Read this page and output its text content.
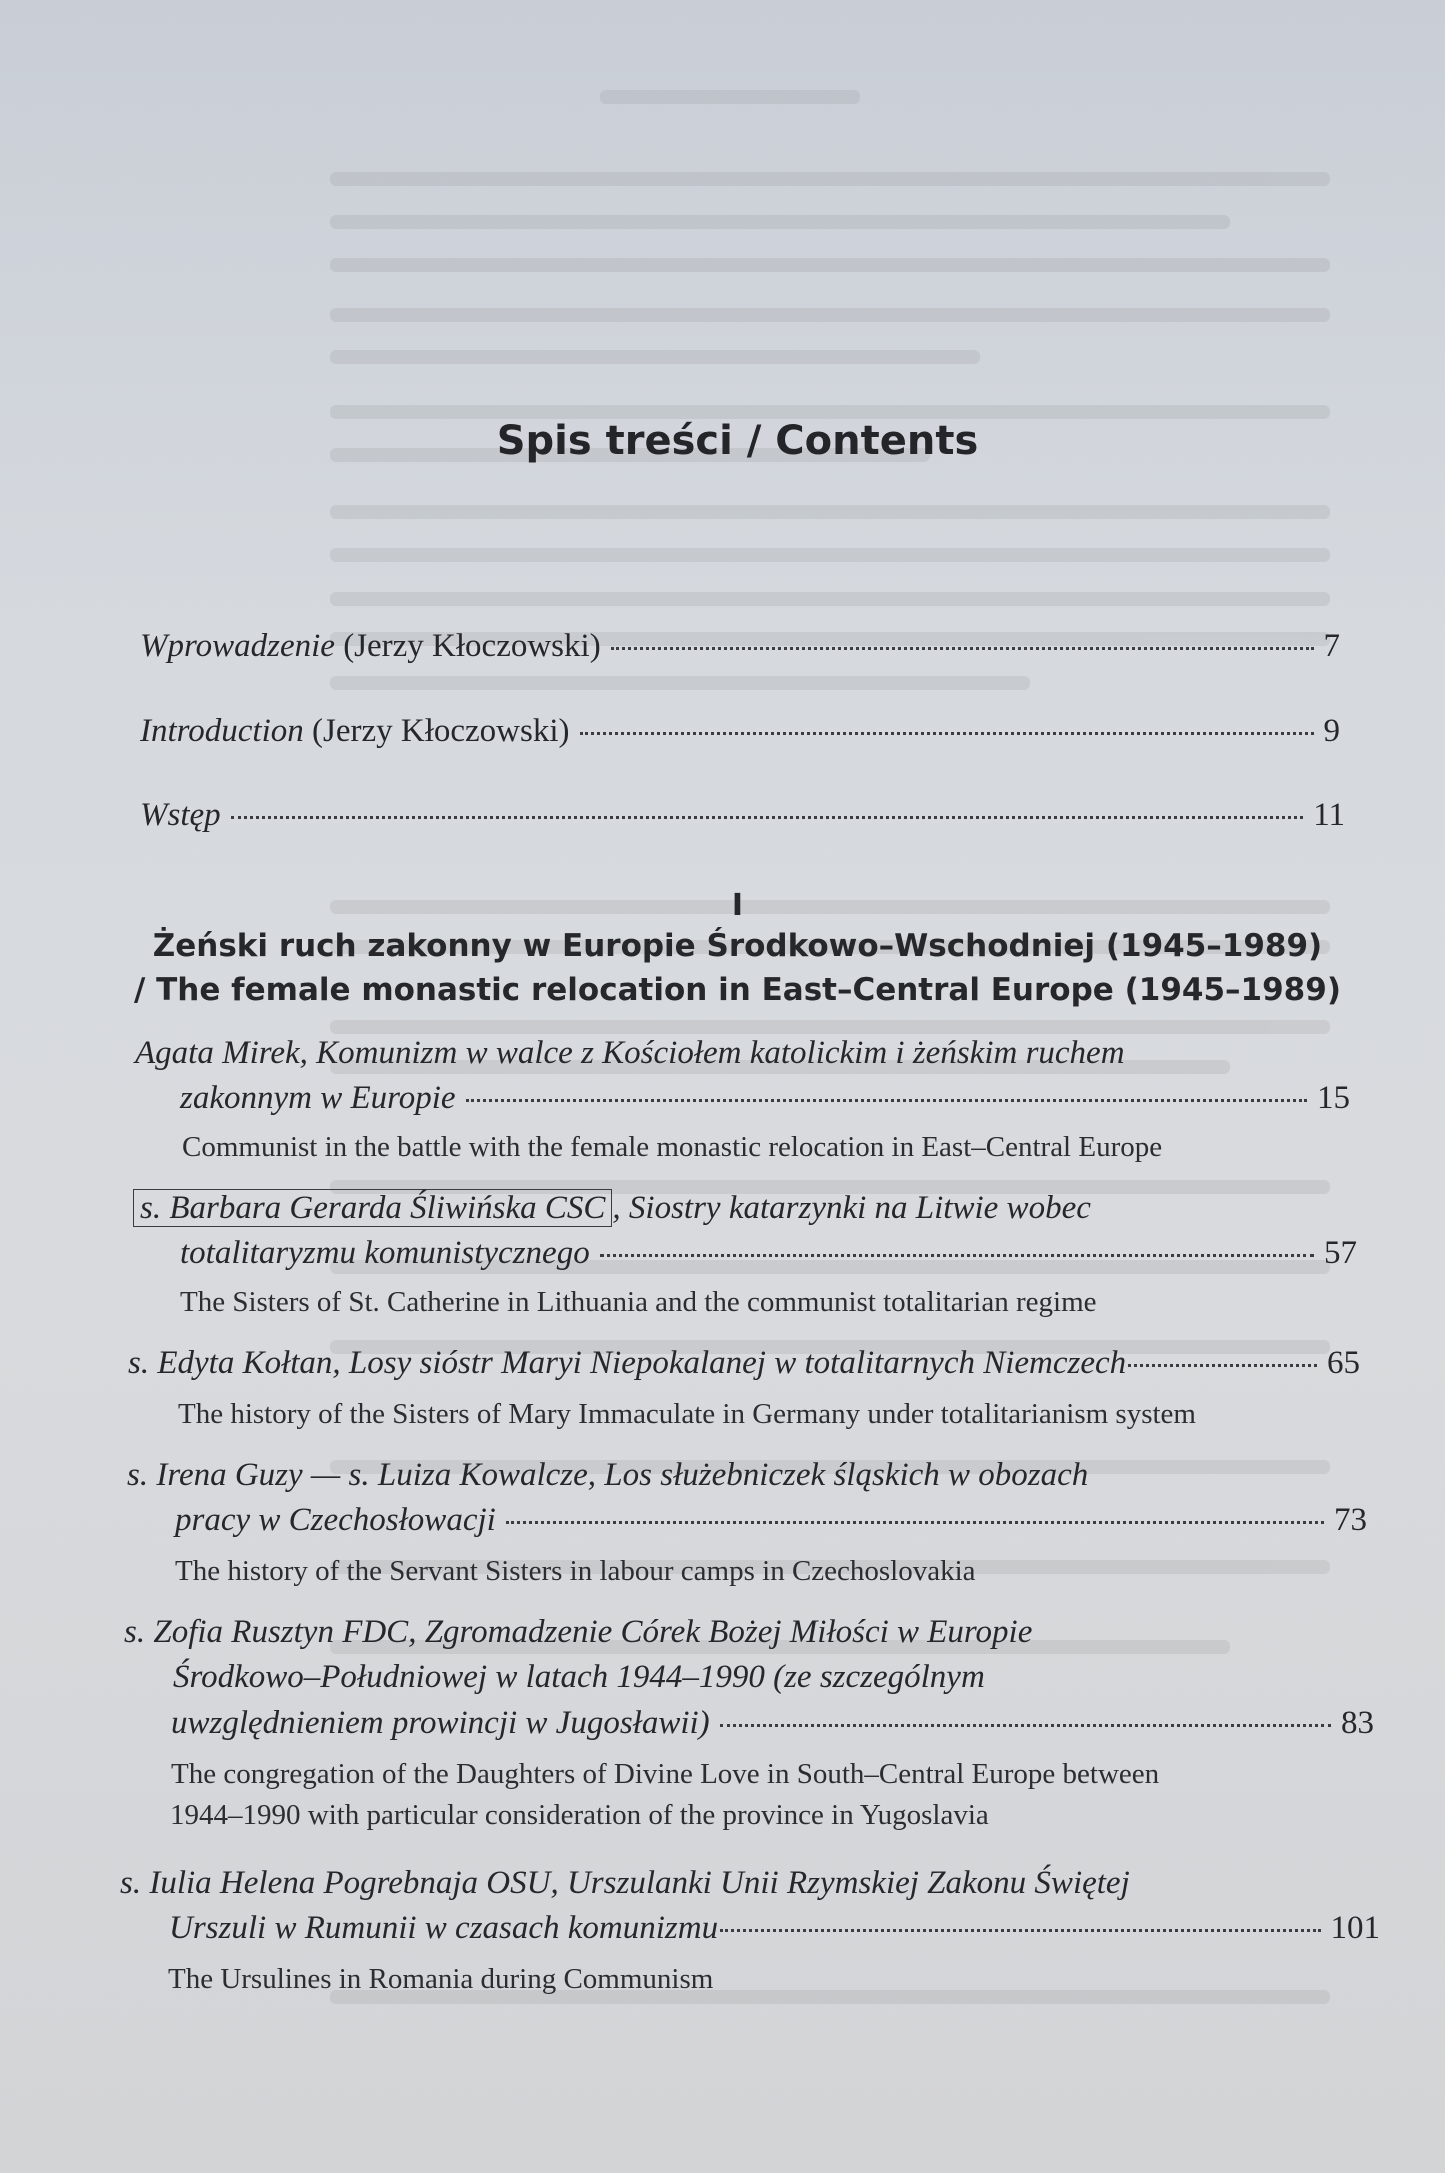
Spis treści / Contents
Wprowadzenie (Jerzy Kłoczowski)	7
Introduction (Jerzy Kłoczowski)	9
Wstęp	11
I
Żeński ruch zakonny w Europie Środkowo–Wschodniej (1945–1989)
/ The female monastic relocation in East–Central Europe (1945–1989)
Agata Mirek, Komunizm w walce z Kościołem katolickim i żeńskim ruchem
zakonnym w Europie	15
Communist in the battle with the female monastic relocation in East–Central Europe
s. Barbara Gerarda Śliwińska CSC , Siostry katarzynki na Litwie wobec
totalitaryzmu komunistycznego	57
The Sisters of St. Catherine in Lithuania and the communist totalitarian regime
s. Edyta Kołtan, Losy sióstr Maryi Niepokalanej w totalitarnych Niemczech	65
The history of the Sisters of Mary Immaculate in Germany under totalitarianism system
s. Irena Guzy — s. Luiza Kowalcze, Los służebniczek śląskich w obozach
pracy w Czechosłowacji	73
The history of the Servant Sisters in labour camps in Czechoslovakia
s. Zofia Rusztyn FDC, Zgromadzenie Córek Bożej Miłości w Europie
Środkowo–Południowej w latach 1944–1990 (ze szczególnym
uwzględnieniem prowincji w Jugosławii)	83
The congregation of the Daughters of Divine Love in South–Central Europe between
1944–1990 with particular consideration of the province in Yugoslavia
s. Iulia Helena Pogrebnaja OSU, Urszulanki Unii Rzymskiej Zakonu Świętej
Urszuli w Rumunii w czasach komunizmu	101
The Ursulines in Romania during Communism
